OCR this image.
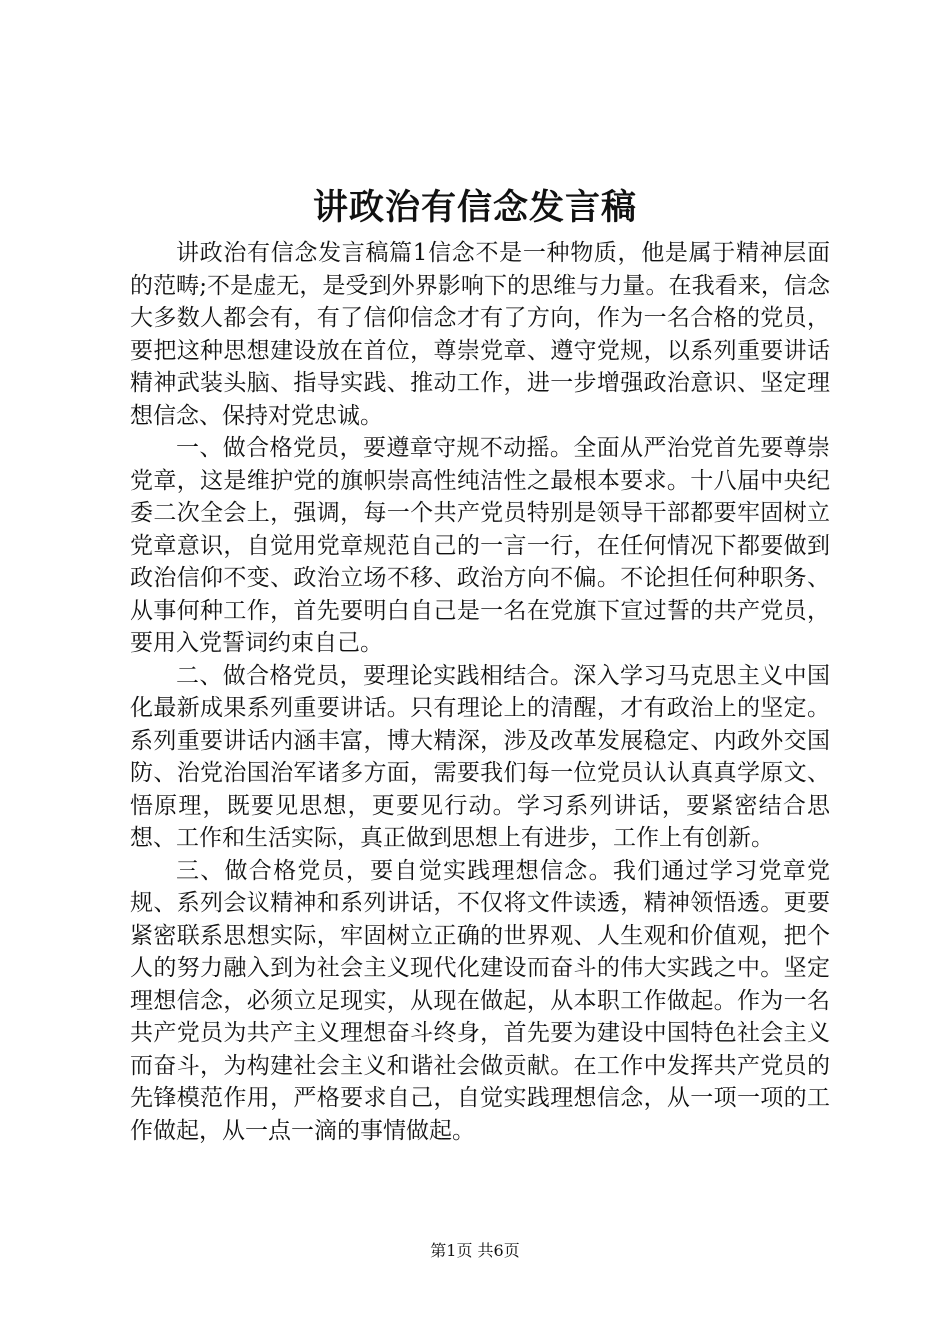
讲政治有信念发言稿

讲政治有信念发言稿篇1信念不是一种物质，他是属于精神层面的范畴;不是虚无，是受到外界影响下的思维与力量。在我看来，信念大多数人都会有，有了信仰信念才有了方向，作为一名合格的党员，要把这种思想建设放在首位，尊崇党章、遵守党规，以系列重要讲话精神武装头脑、指导实践、推动工作，进一步增强政治意识、坚定理想信念、保持对党忠诚。

一、做合格党员，要遵章守规不动摇。全面从严治党首先要尊崇党章，这是维护党的旗帜崇高性纯洁性之最根本要求。十八届中央纪委二次全会上，强调，每一个共产党员特别是领导干部都要牢固树立党章意识，自觉用党章规范自己的一言一行，在任何情况下都要做到政治信仰不变、政治立场不移、政治方向不偏。不论担任何种职务、从事何种工作，首先要明白自己是一名在党旗下宣过誓的共产党员，要用入党誓词约束自己。

二、做合格党员，要理论实践相结合。深入学习马克思主义中国化最新成果系列重要讲话。只有理论上的清醒，才有政治上的坚定。系列重要讲话内涵丰富，博大精深，涉及改革发展稳定、内政外交国防、治党治国治军诸多方面，需要我们每一位党员认认真真学原文、悟原理，既要见思想，更要见行动。学习系列讲话，要紧密结合思想、工作和生活实际，真正做到思想上有进步，工作上有创新。

三、做合格党员，要自觉实践理想信念。我们通过学习党章党规、系列会议精神和系列讲话，不仅将文件读透，精神领悟透。更要紧密联系思想实际，牢固树立正确的世界观、人生观和价值观，把个人的努力融入到为社会主义现代化建设而奋斗的伟大实践之中。坚定理想信念，必须立足现实，从现在做起，从本职工作做起。作为一名共产党员为共产主义理想奋斗终身，首先要为建设中国特色社会主义而奋斗，为构建社会主义和谐社会做贡献。在工作中发挥共产党员的先锋模范作用，严格要求自己，自觉实践理想信念，从一项一项的工作做起，从一点一滴的事情做起。

第1页 共6页
